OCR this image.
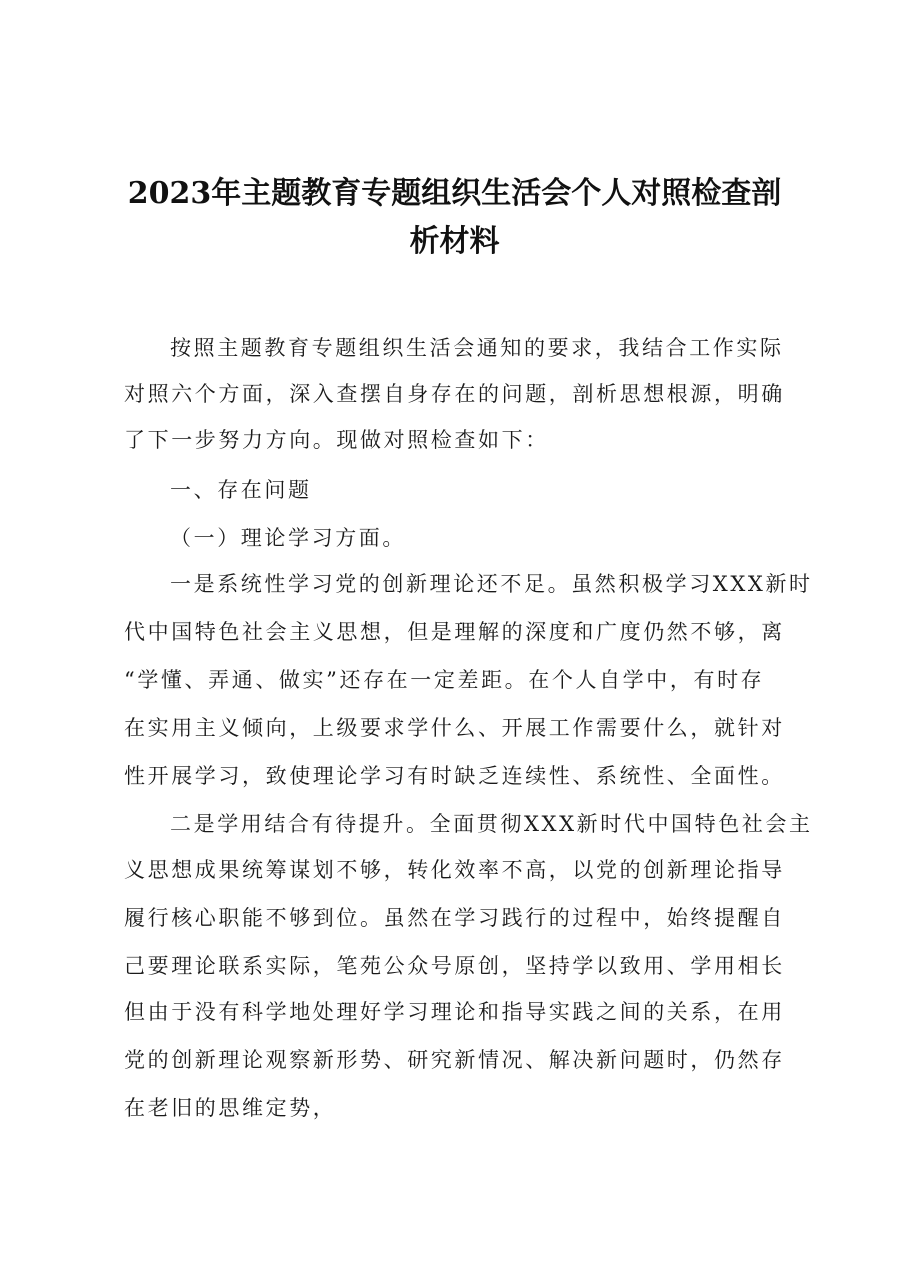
2023年主题教育专题组织生活会个人对照检查剖
析材料

按照主题教育专题组织生活会通知的要求，我结合工作实际

对照六个方面，深入查摆自身存在的问题，剖析思想根源，明确

了下一步努力方向。现做对照检查如下：

一、存在问题

（一）理论学习方面。

一是系统性学习党的创新理论还不足。虽然积极学习XXX新时

代中国特色社会主义思想，但是理解的深度和广度仍然不够，离

“学懂、弄通、做实”还存在一定差距。在个人自学中，有时存

在实用主义倾向，上级要求学什么、开展工作需要什么，就针对

性开展学习，致使理论学习有时缺乏连续性、系统性、全面性。

二是学用结合有待提升。全面贯彻XXX新时代中国特色社会主

义思想成果统筹谋划不够，转化效率不高，以党的创新理论指导

履行核心职能不够到位。虽然在学习践行的过程中，始终提醒自

己要理论联系实际，笔苑公众号原创，坚持学以致用、学用相长

但由于没有科学地处理好学习理论和指导实践之间的关系，在用

党的创新理论观察新形势、研究新情况、解决新问题时，仍然存

在老旧的思维定势，
